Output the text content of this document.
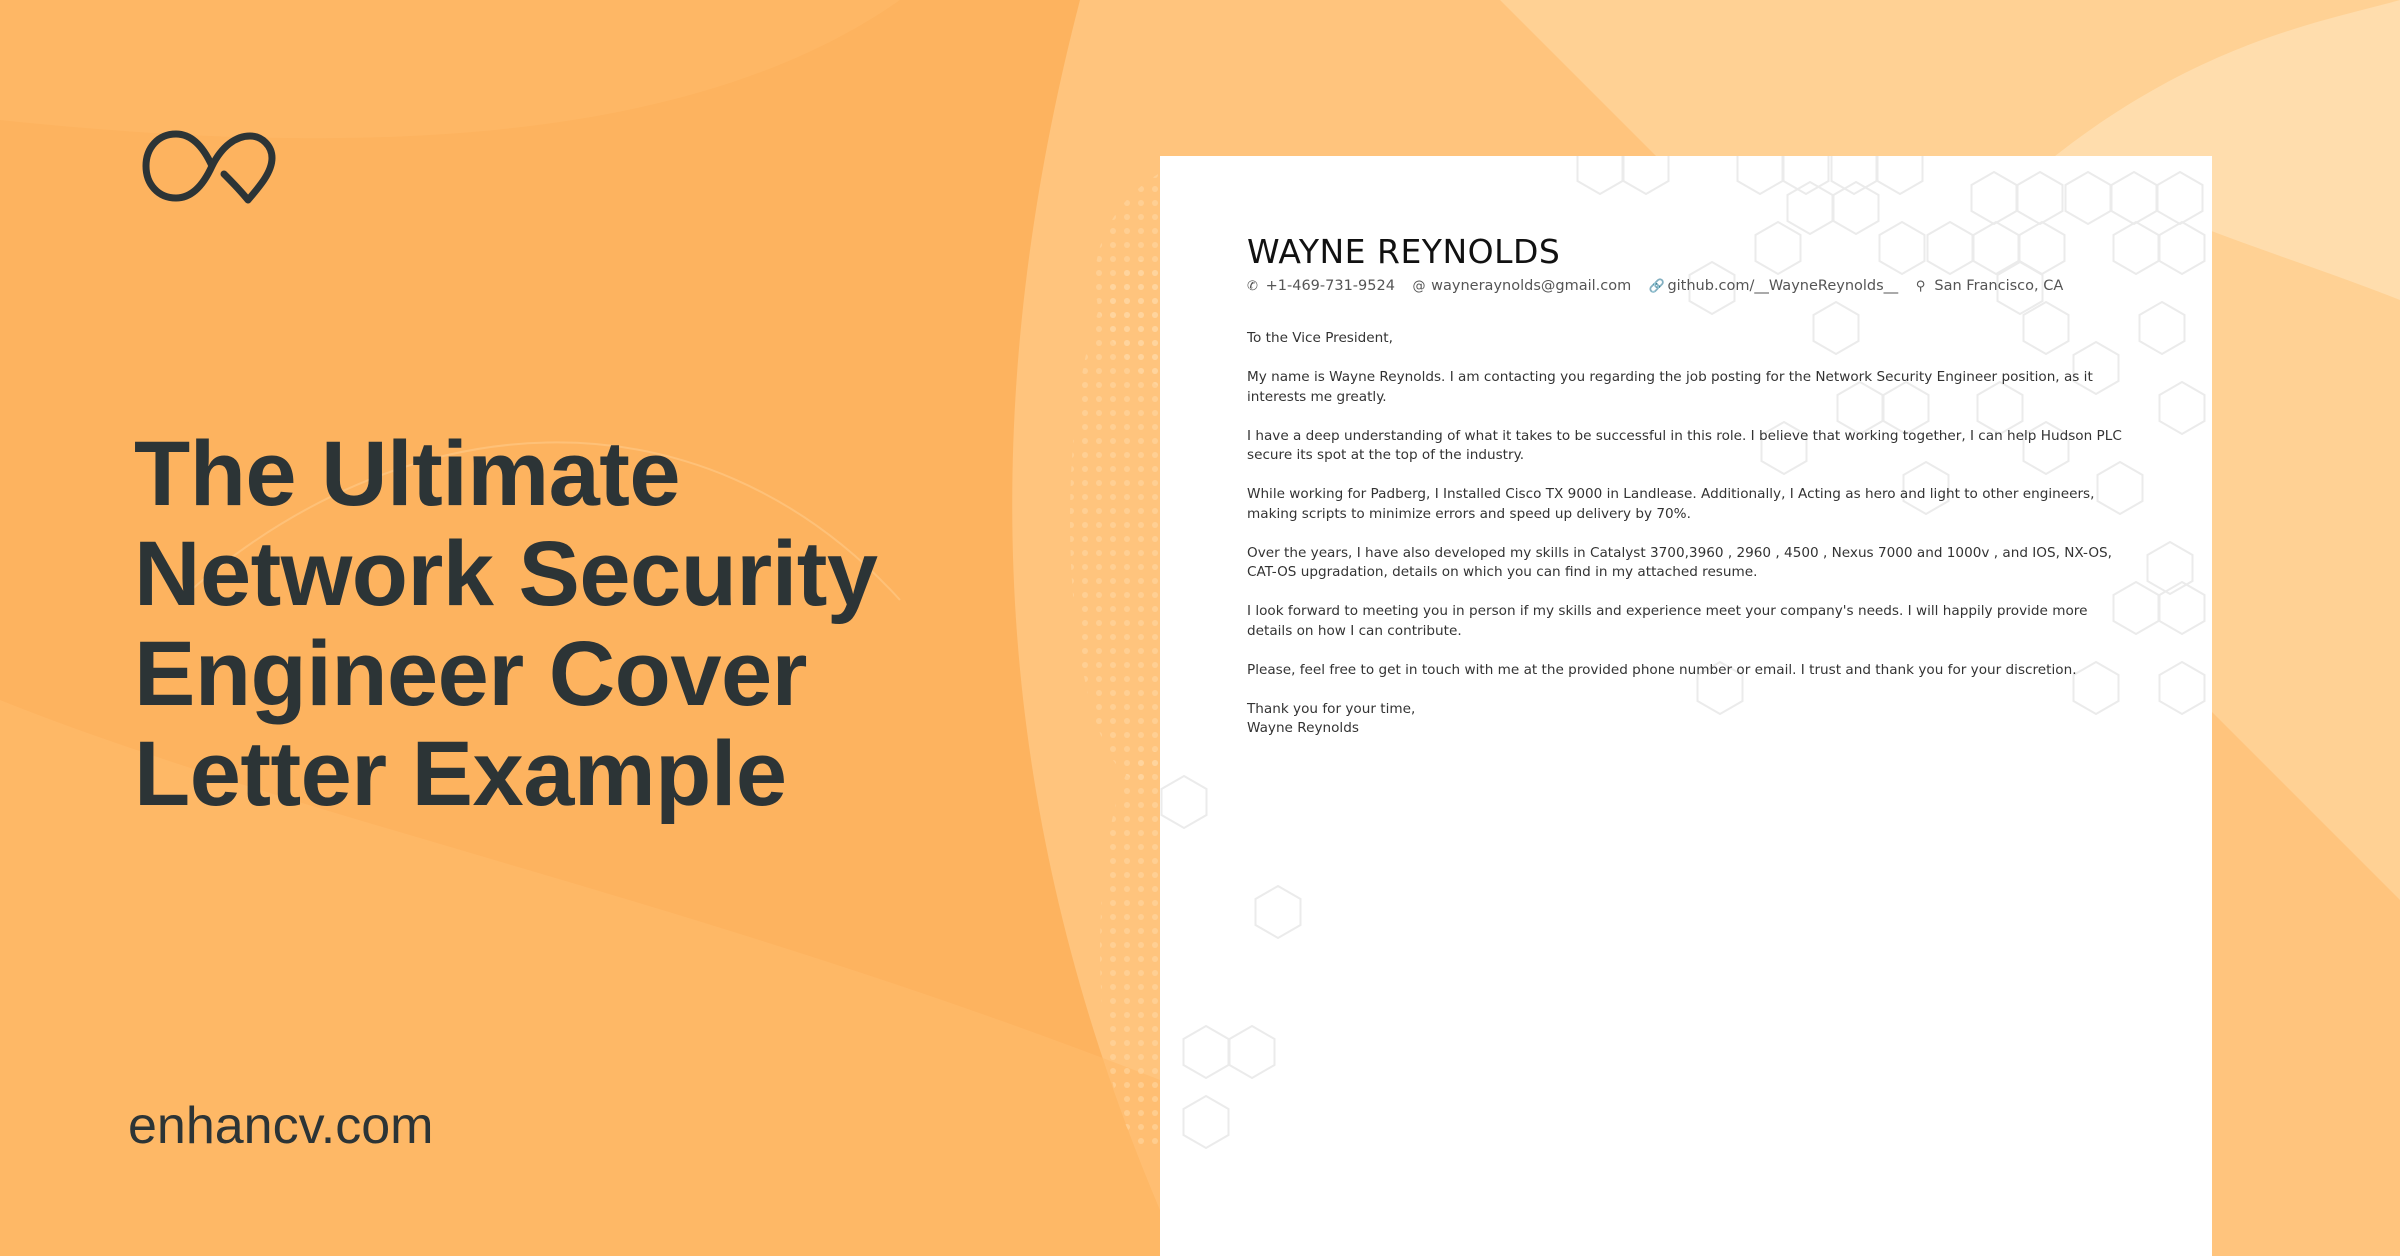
The Ultimate
Network Security
Engineer Cover
Letter Example
enhancv.com
WAYNE REYNOLDS
✆ +1-469-731-9524 @ wayneraynolds@gmail.com 🔗 github.com/__WayneReynolds__ ⚲ San Francisco, CA

To the Vice President,

My name is Wayne Reynolds. I am contacting you regarding the job posting for the Network Security Engineer position, as it interests me greatly.

I have a deep understanding of what it takes to be successful in this role. I believe that working together, I can help Hudson PLC secure its spot at the top of the industry.

While working for Padberg, I Installed Cisco TX 9000 in Landlease. Additionally, I Acting as hero and light to other engineers, making scripts to minimize errors and speed up delivery by 70%.

Over the years, I have also developed my skills in Catalyst 3700,3960 , 2960 , 4500 , Nexus 7000 and 1000v , and IOS, NX-OS, CAT-OS upgradation, details on which you can find in my attached resume.

I look forward to meeting you in person if my skills and experience meet your company's needs. I will happily provide more details on how I can contribute.

Please, feel free to get in touch with me at the provided phone number or email. I trust and thank you for your discretion.

Thank you for your time,
Wayne Reynolds
